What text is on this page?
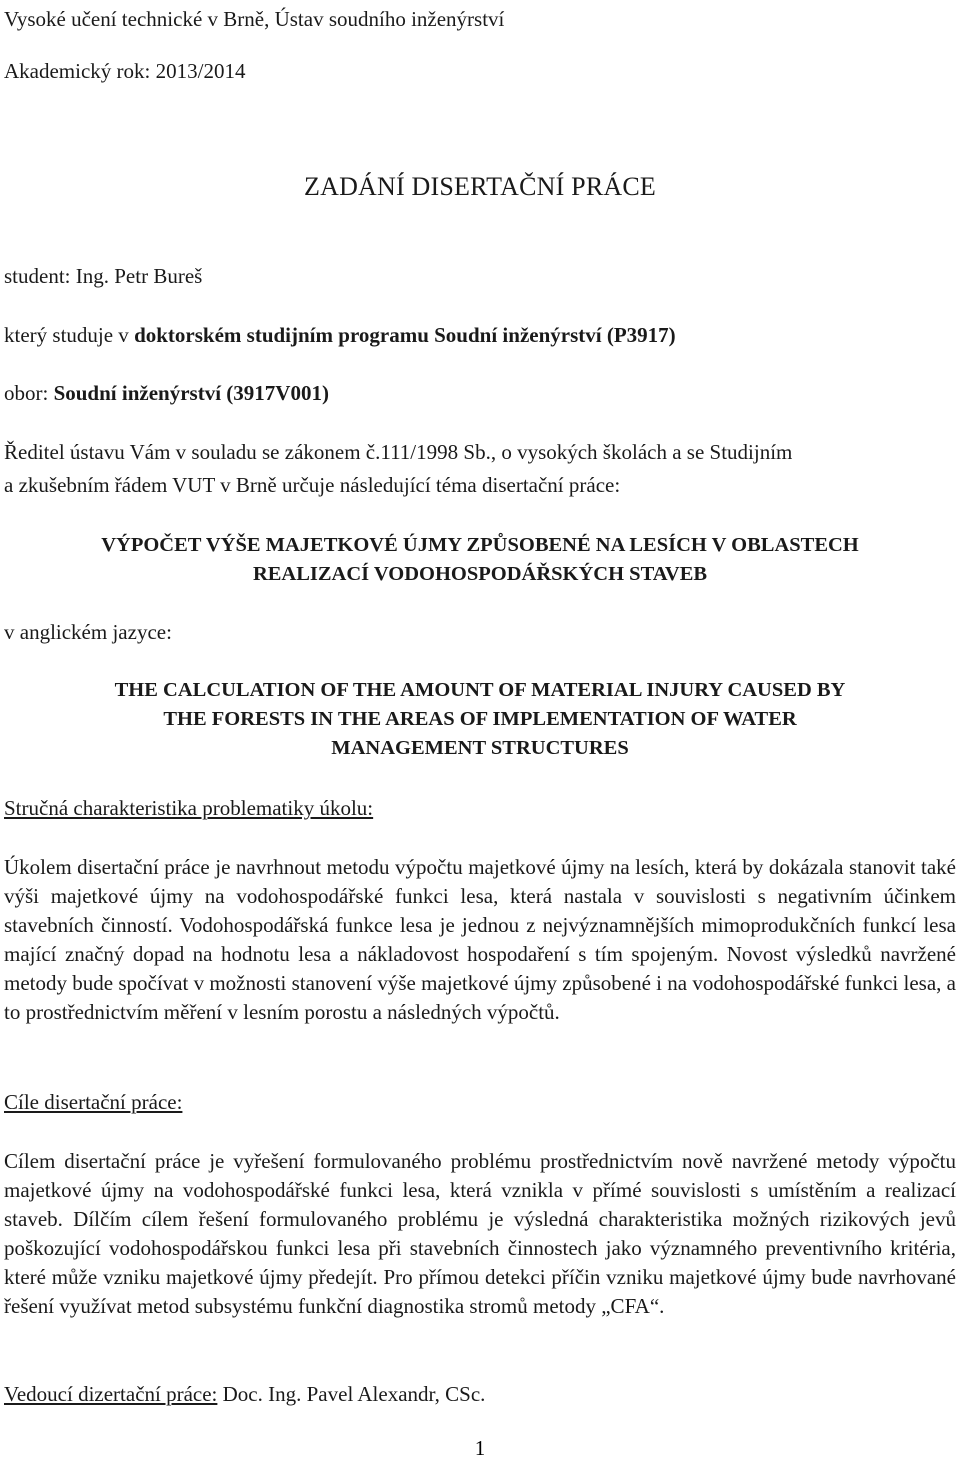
Vysoké učení technické v Brně, Ústav soudního inženýrství
Akademický rok: 2013/2014
ZADÁNÍ DISERTAČNÍ PRÁCE
student: Ing. Petr Bureš
který studuje v doktorském studijním programu Soudní inženýrství (P3917)
obor: Soudní inženýrství (3917V001)
Ředitel ústavu Vám v souladu se zákonem č.111/1998 Sb., o vysokých školách a se Studijním
a zkušebním řádem VUT v Brně určuje následující téma disertační práce:
VÝPOČET VÝŠE MAJETKOVÉ ÚJMY ZPŮSOBENÉ NA LESÍCH V OBLASTECH
REALIZACÍ VODOHOSPODÁŘSKÝCH STAVEB
v anglickém jazyce:
THE CALCULATION OF THE AMOUNT OF MATERIAL INJURY CAUSED BY
THE FORESTS IN THE AREAS OF IMPLEMENTATION OF WATER
MANAGEMENT STRUCTURES
Stručná charakteristika problematiky úkolu:

Úkolem disertační práce je navrhnout metodu výpočtu majetkové újmy na lesích, která by dokázala stanovit také výši majetkové újmy na vodohospodářské funkci lesa, která nastala v souvislosti s negativním účinkem stavebních činností. Vodohospodářská funkce lesa je jednou z nejvýznamnějších mimoprodukčních funkcí lesa mající značný dopad na hodnotu lesa a nákladovost hospodaření s tím spojeným. Novost výsledků navržené metody bude spočívat v možnosti stanovení výše majetkové újmy způsobené i na vodohospodářské funkci lesa, a to prostřednictvím měření v lesním porostu a následných výpočtů.

Cíle disertační práce:

Cílem disertační práce je vyřešení formulovaného problému prostřednictvím nově navržené metody výpočtu majetkové újmy na vodohospodářské funkci lesa, která vznikla v přímé souvislosti s umístěním a realizací staveb. Dílčím cílem řešení formulovaného problému je výsledná charakteristika možných rizikových jevů poškozující vodohospodářskou funkci lesa při stavebních činnostech jako významného preventivního kritéria, které může vzniku majetkové újmy předejít. Pro přímou detekci příčin vzniku majetkové újmy bude navrhované řešení využívat metod subsystému funkční diagnostika stromů metody „CFA“.

Vedoucí dizertační práce: Doc. Ing. Pavel Alexandr, CSc.
1
